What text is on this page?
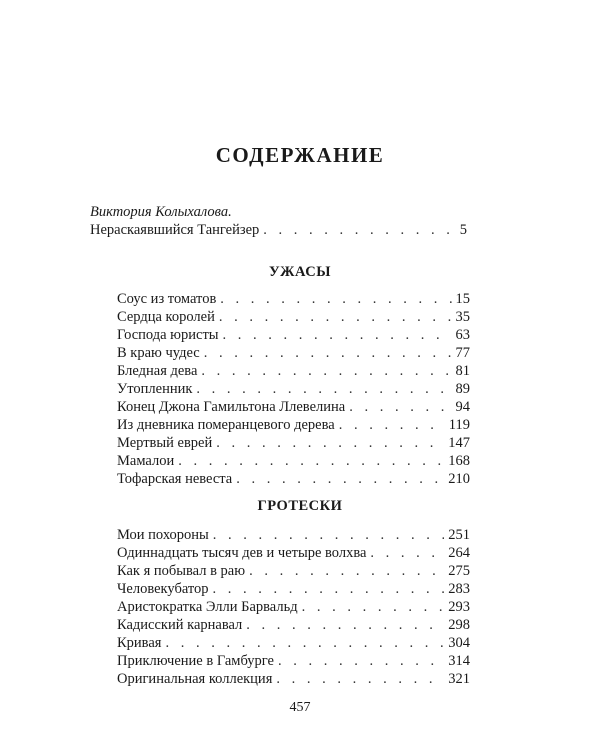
СОДЕРЖАНИЕ
Виктория Колыхалова.
Нераскаявшийся Тангейзер . . .	5
УЖАСЫ
Соус из томатов . . .	15
Сердца королей . . .	35
Господа юристы . . .	63
В краю чудес . . .	77
Бледная дева . . .	81
Утопленник . . .	89
Конец Джона Гамильтона Ллевелина . . .	94
Из дневника померанцевого дерева . . .	119
Мертвый еврей . . .	147
Мамалои . . .	168
Тофарская невеста . . .	210
ГРОТЕСКИ
Мои похороны . . .	251
Одиннадцать тысяч дев и четыре волхва . . .	264
Как я побывал в раю . . .	275
Человекубатор . . .	283
Аристократка Элли Барвальд . . .	293
Кадисский карнавал . . .	298
Кривая . . .	304
Приключение в Гамбурге . . .	314
Оригинальная коллекция . . .	321
457
